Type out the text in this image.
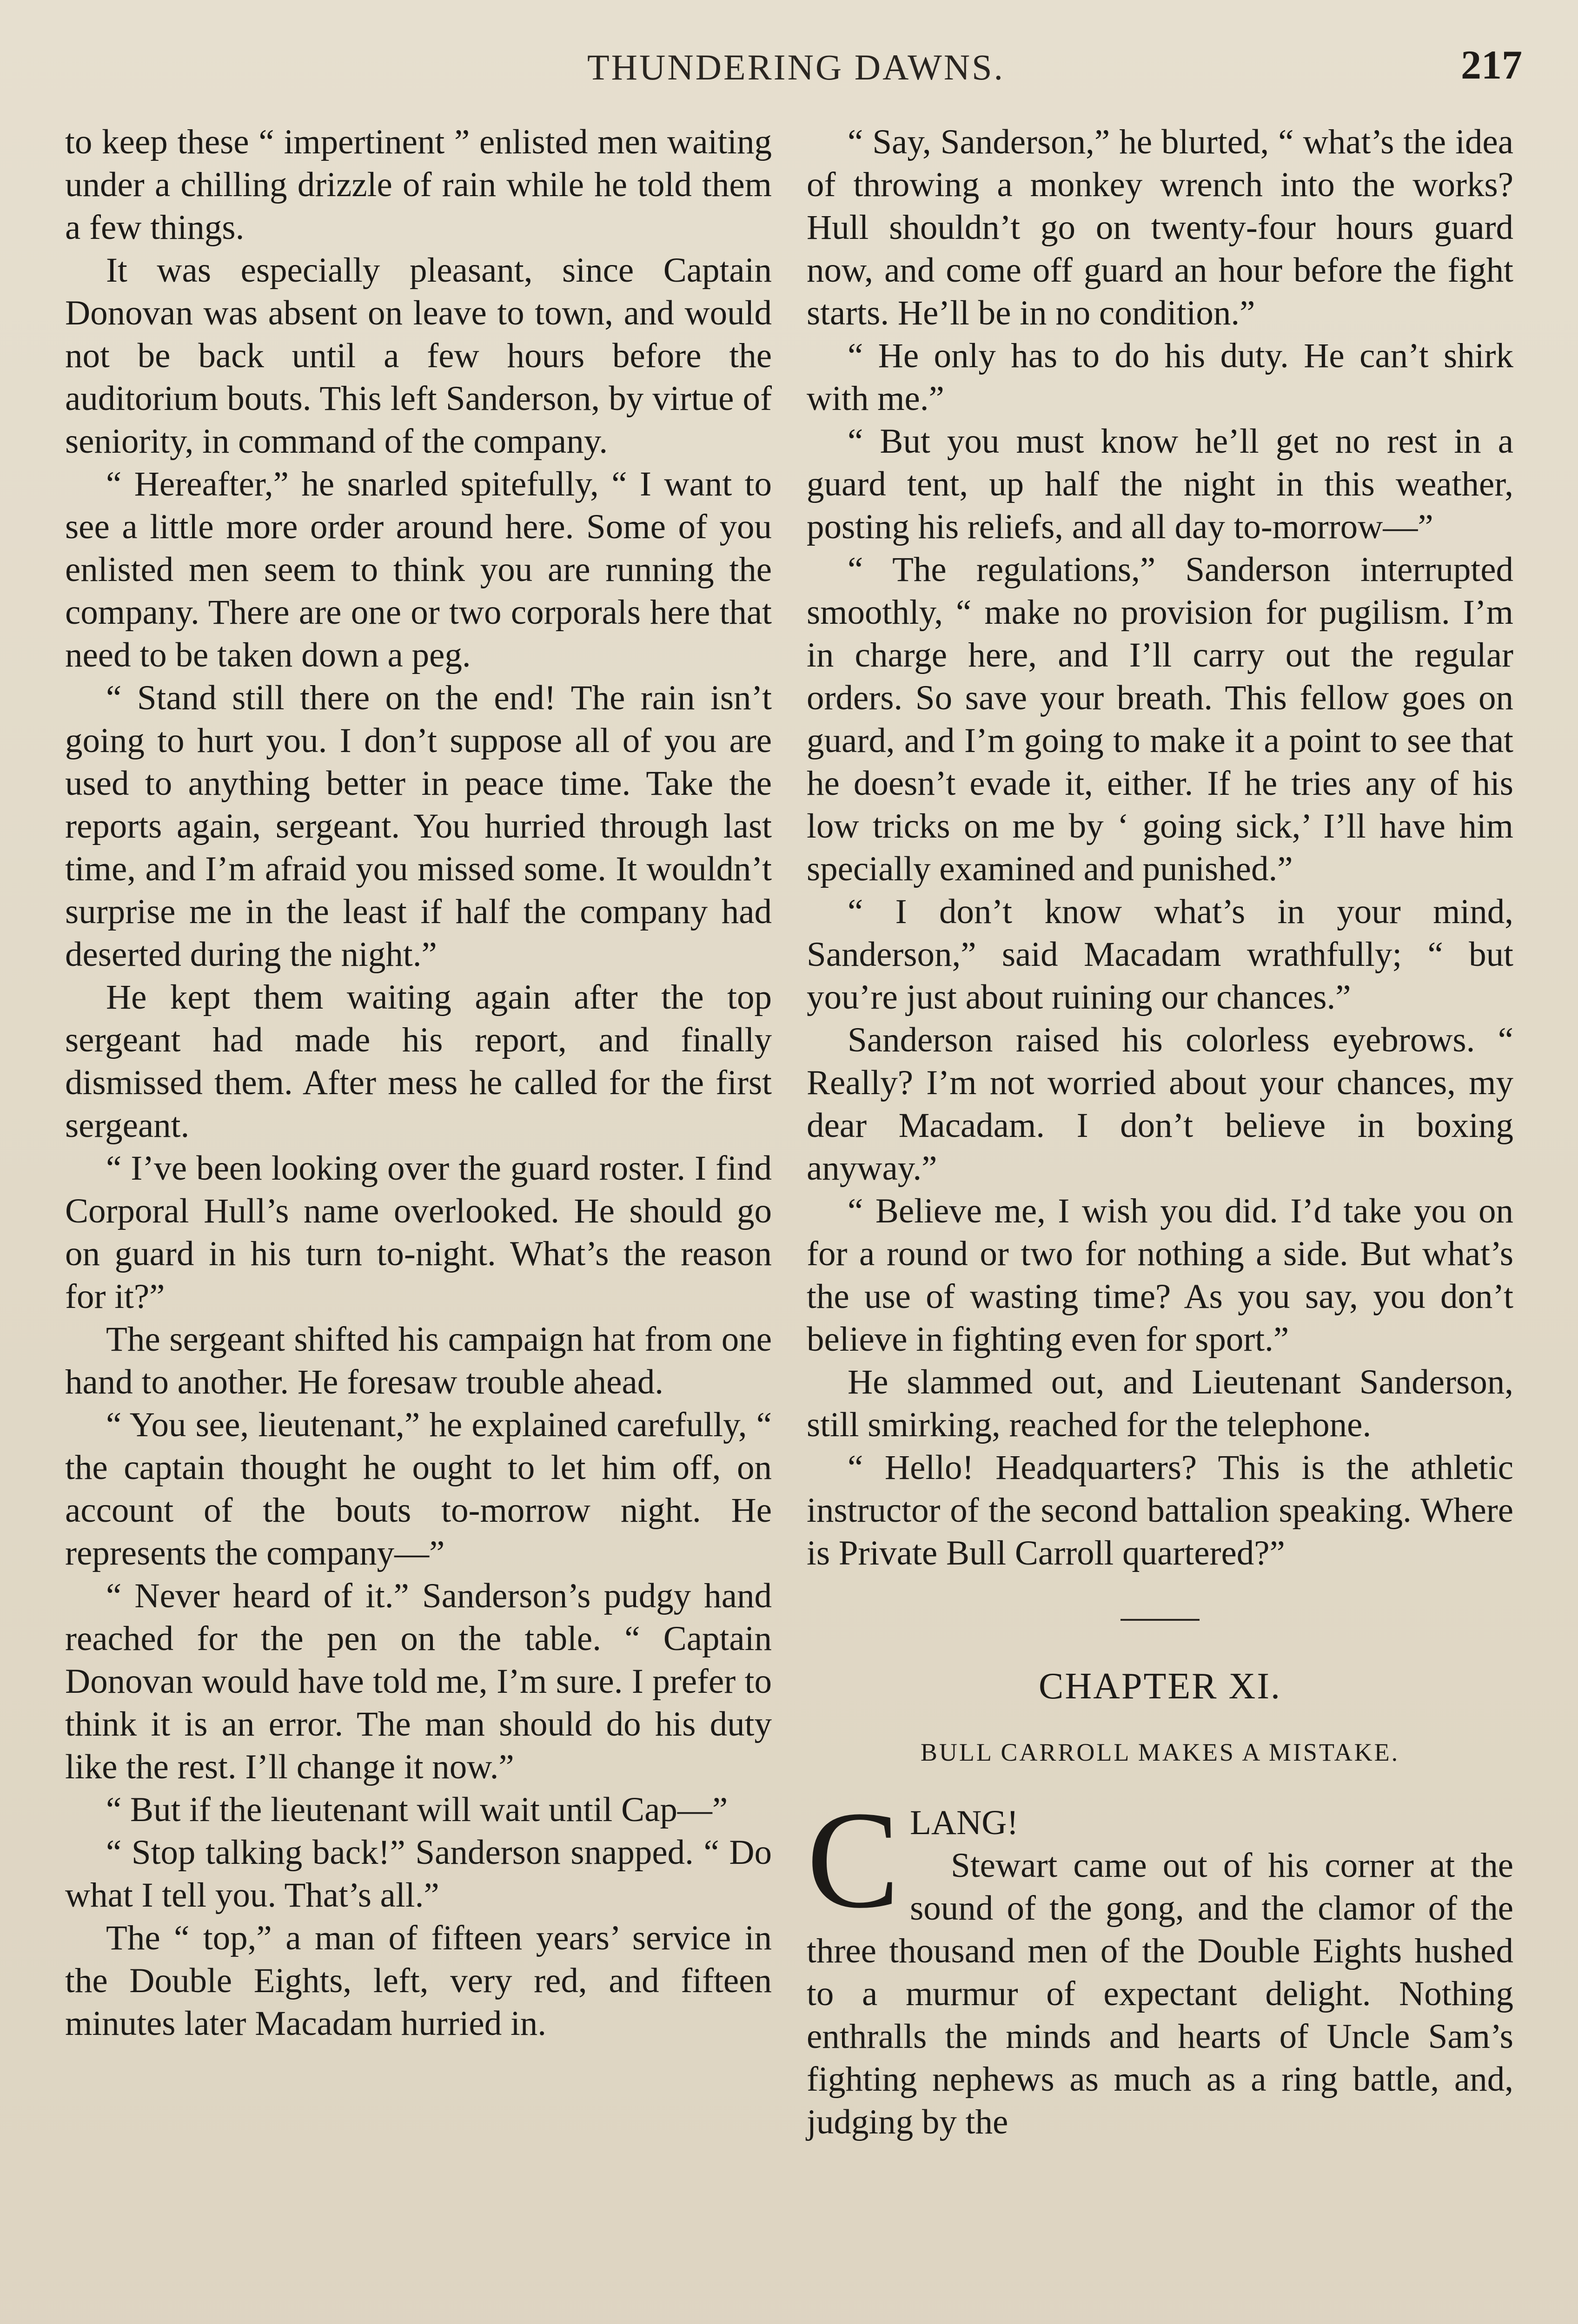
THUNDERING DAWNS.	217

to keep these “ impertinent ” enlisted men waiting under a chilling drizzle of rain while he told them a few things.

It was especially pleasant, since Captain Donovan was absent on leave to town, and would not be back until a few hours before the auditorium bouts. This left Sanderson, by virtue of seniority, in command of the company.

“ Hereafter,” he snarled spitefully, “ I want to see a little more order around here. Some of you enlisted men seem to think you are running the company. There are one or two corporals here that need to be taken down a peg.

“ Stand still there on the end! The rain isn’t going to hurt you. I don’t suppose all of you are used to anything better in peace time. Take the reports again, sergeant. You hurried through last time, and I’m afraid you missed some. It wouldn’t surprise me in the least if half the company had deserted during the night.”

He kept them waiting again after the top sergeant had made his report, and finally dismissed them. After mess he called for the first sergeant.

“ I’ve been looking over the guard roster. I find Corporal Hull’s name overlooked. He should go on guard in his turn to-night. What’s the reason for it?”

The sergeant shifted his campaign hat from one hand to another. He foresaw trouble ahead.

“ You see, lieutenant,” he explained carefully, “ the captain thought he ought to let him off, on account of the bouts to-morrow night. He represents the company—”

“ Never heard of it.” Sanderson’s pudgy hand reached for the pen on the table. “ Captain Donovan would have told me, I’m sure. I prefer to think it is an error. The man should do his duty like the rest. I’ll change it now.”

“ But if the lieutenant will wait until Cap—”

“ Stop talking back!” Sanderson snapped. “ Do what I tell you. That’s all.”

The “ top,” a man of fifteen years’ service in the Double Eights, left, very red, and fifteen minutes later Macadam hurried in.

“ Say, Sanderson,” he blurted, “ what’s the idea of throwing a monkey wrench into the works? Hull shouldn’t go on twenty-four hours guard now, and come off guard an hour before the fight starts. He’ll be in no condition.”

“ He only has to do his duty. He can’t shirk with me.”

“ But you must know he’ll get no rest in a guard tent, up half the night in this weather, posting his reliefs, and all day to-morrow—”

“ The regulations,” Sanderson interrupted smoothly, “ make no provision for pugilism. I’m in charge here, and I’ll carry out the regular orders. So save your breath. This fellow goes on guard, and I’m going to make it a point to see that he doesn’t evade it, either. If he tries any of his low tricks on me by ‘ going sick,’ I’ll have him specially examined and punished.”

“ I don’t know what’s in your mind, Sanderson,” said Macadam wrathfully; “ but you’re just about ruining our chances.”

Sanderson raised his colorless eyebrows. “ Really? I’m not worried about your chances, my dear Macadam. I don’t believe in boxing anyway.”

“ Believe me, I wish you did. I’d take you on for a round or two for nothing a side. But what’s the use of wasting time? As you say, you don’t believe in fighting even for sport.”

He slammed out, and Lieutenant Sanderson, still smirking, reached for the telephone.

“ Hello! Headquarters? This is the athletic instructor of the second battalion speaking. Where is Private Bull Carroll quartered?”

CHAPTER XI.
BULL CARROLL MAKES A MISTAKE.

CLANG!
Stewart came out of his corner at the sound of the gong, and the clamor of the three thousand men of the Double Eights hushed to a murmur of expectant delight. Nothing enthralls the minds and hearts of Uncle Sam’s fighting nephews as much as a ring battle, and, judging by the
